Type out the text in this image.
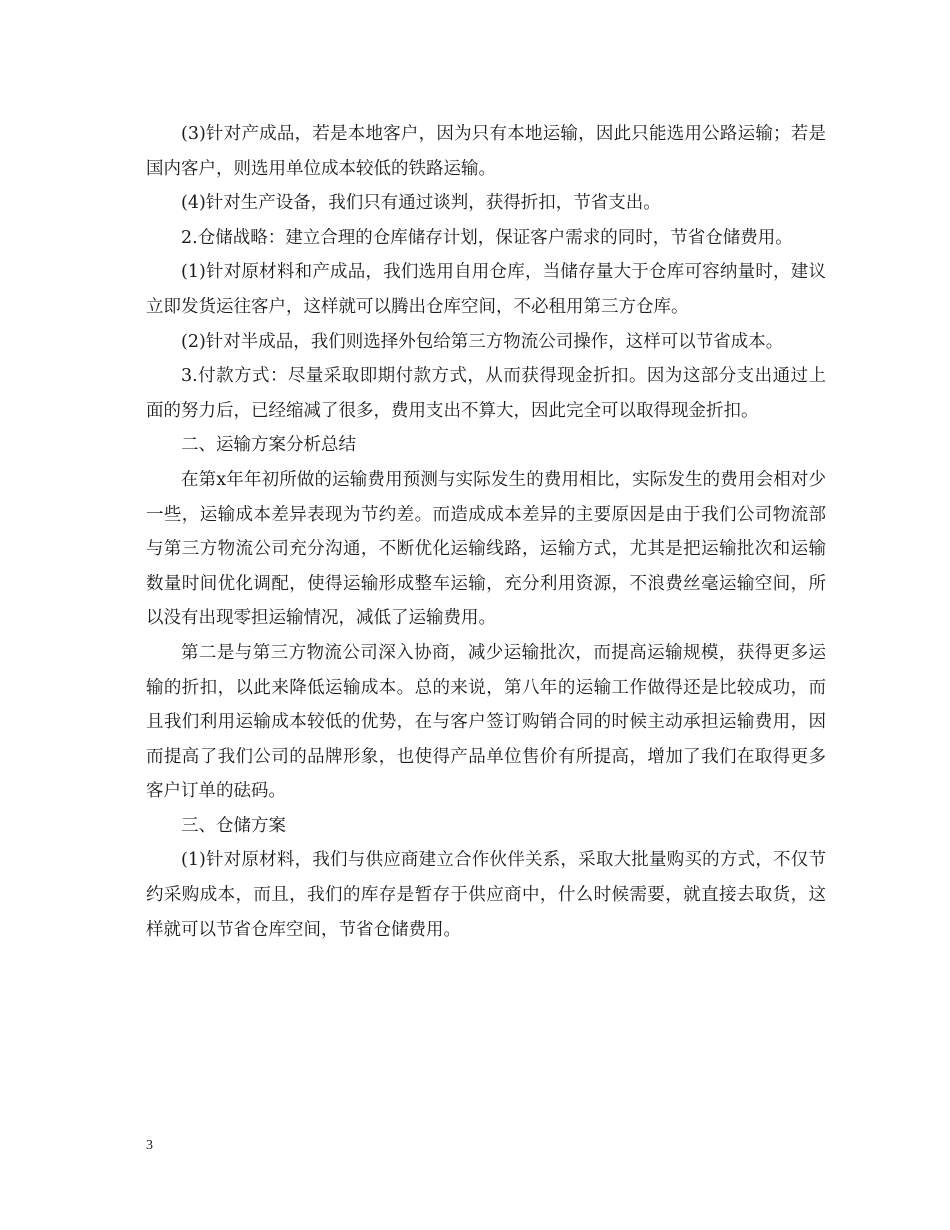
(3)针对产成品，若是本地客户，因为只有本地运输，因此只能选用公路运输；若是国内客户，则选用单位成本较低的铁路运输。

(4)针对生产设备，我们只有通过谈判，获得折扣，节省支出。

2.仓储战略：建立合理的仓库储存计划，保证客户需求的同时，节省仓储费用。

(1)针对原材料和产成品，我们选用自用仓库，当储存量大于仓库可容纳量时，建议立即发货运往客户，这样就可以腾出仓库空间，不必租用第三方仓库。

(2)针对半成品，我们则选择外包给第三方物流公司操作，这样可以节省成本。

3.付款方式：尽量采取即期付款方式，从而获得现金折扣。因为这部分支出通过上面的努力后，已经缩减了很多，费用支出不算大，因此完全可以取得现金折扣。

二、运输方案分析总结

在第x年年初所做的运输费用预测与实际发生的费用相比，实际发生的费用会相对少一些，运输成本差异表现为节约差。而造成成本差异的主要原因是由于我们公司物流部与第三方物流公司充分沟通，不断优化运输线路，运输方式，尤其是把运输批次和运输数量时间优化调配，使得运输形成整车运输，充分利用资源，不浪费丝毫运输空间，所以没有出现零担运输情况，减低了运输费用。

第二是与第三方物流公司深入协商，减少运输批次，而提高运输规模，获得更多运输的折扣，以此来降低运输成本。总的来说，第八年的运输工作做得还是比较成功，而且我们利用运输成本较低的优势，在与客户签订购销合同的时候主动承担运输费用，因而提高了我们公司的品牌形象，也使得产品单位售价有所提高，增加了我们在取得更多客户订单的砝码。

三、仓储方案

(1)针对原材料，我们与供应商建立合作伙伴关系，采取大批量购买的方式，不仅节约采购成本，而且，我们的库存是暂存于供应商中，什么时候需要，就直接去取货，这样就可以节省仓库空间，节省仓储费用。

3
